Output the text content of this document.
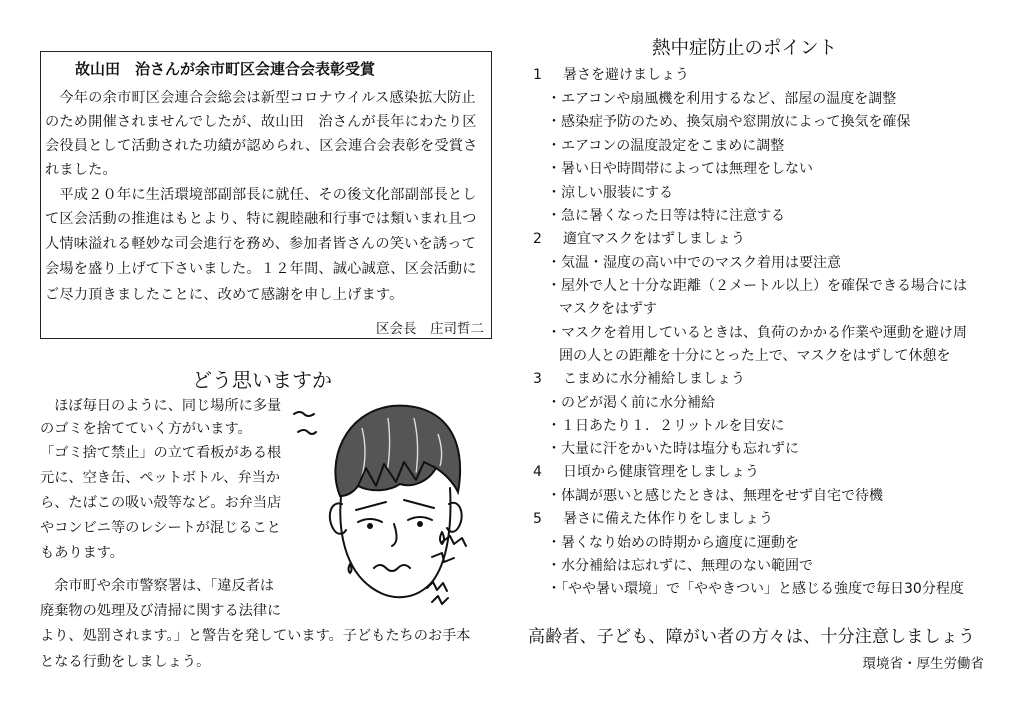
故山田　治さんが余市町区会連合会表彰受賞
　今年の余市町区会連合会総会は新型コロナウイルス感染拡大防止
のため開催されませんでしたが、故山田　治さんが長年にわたり区
会役員として活動された功績が認められ、区会連合会表彰を受賞さ
れました。
　平成２０年に生活環境部副部長に就任、その後文化部副部長とし
て区会活動の推進はもとより、特に親睦融和行事では類いまれ且つ
人情味溢れる軽妙な司会進行を務め、参加者皆さんの笑いを誘って
会場を盛り上げて下さいました。１２年間、誠心誠意、区会活動に
ご尽力頂きましたことに、改めて感謝を申し上げます。
区会長　庄司哲二
どう思いますか
　ほぼ毎日のように、同じ場所に多量
のゴミを捨てていく方がいます。
「ゴミ捨て禁止」の立て看板がある根
元に、空き缶、ペットボトル、弁当か
ら、たばこの吸い殻等など。お弁当店
やコンビニ等のレシートが混じること
もあります。
　余市町や余市警察署は、「違反者は
廃棄物の処理及び清掃に関する法律に
より、処罰されます。」と警告を発しています。子どもたちのお手本
となる行動をしましょう。
熱中症防止のポイント
1 暑さを避けましょう
・エアコンや扇風機を利用するなど、部屋の温度を調整
・感染症予防のため、換気扇や窓開放によって換気を確保
・エアコンの温度設定をこまめに調整
・暑い日や時間帯によっては無理をしない
・涼しい服装にする
・急に暑くなった日等は特に注意する
2 適宜マスクをはずしましょう
・気温・湿度の高い中でのマスク着用は要注意
・屋外で人と十分な距離（２メートル以上）を確保できる場合には
マスクをはずす
・マスクを着用しているときは、負荷のかかる作業や運動を避け周
囲の人との距離を十分にとった上で、マスクをはずして休憩を
3 こまめに水分補給しましょう
・のどが渇く前に水分補給
・１日あたり１．２リットルを目安に
・大量に汗をかいた時は塩分も忘れずに
4 日頃から健康管理をしましょう
・体調が悪いと感じたときは、無理をせず自宅で待機
5 暑さに備えた体作りをしましょう
・暑くなり始めの時期から適度に運動を
・水分補給は忘れずに、無理のない範囲で
・「やや暑い環境」で「ややきつい」と感じる強度で毎日30分程度
高齢者、子ども、障がい者の方々は、十分注意しましょう
環境省・厚生労働省
